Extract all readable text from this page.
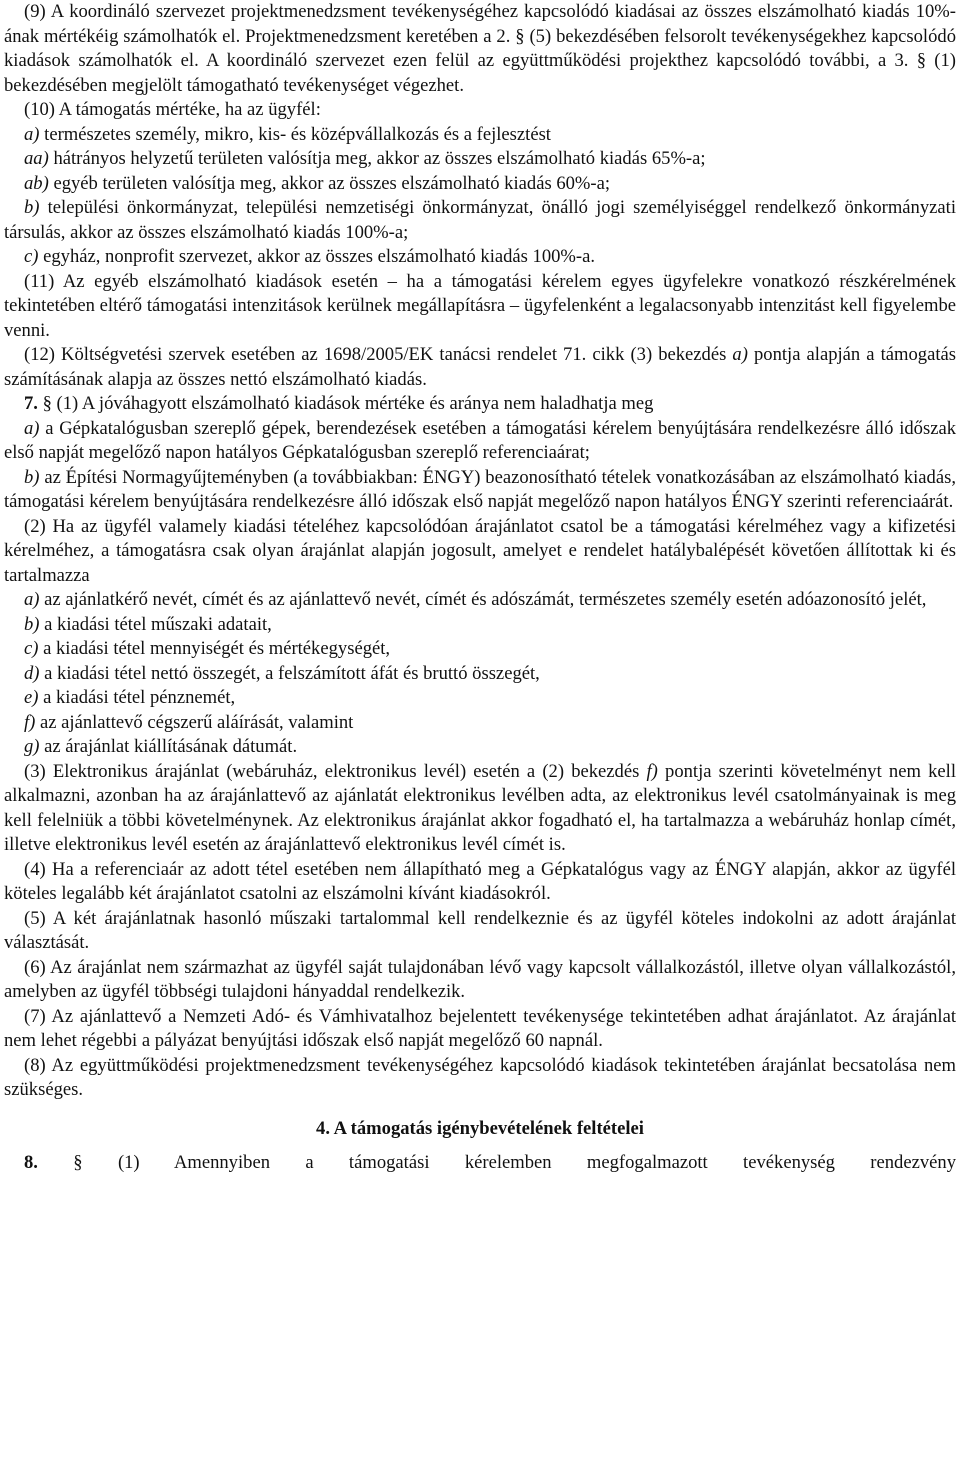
(9) A koordináló szervezet projektmenedzsment tevékenységéhez kapcsolódó kiadásai az összes elszámolható kiadás 10%-ának mértékéig számolhatók el. Projektmenedzsment keretében a 2. § (5) bekezdésében felsorolt tevékenységekhez kapcsolódó kiadások számolhatók el. A koordináló szervezet ezen felül az együttműködési projekthez kapcsolódó további, a 3. § (1) bekezdésében megjelölt támogatható tevékenységet végezhet.

(10) A támogatás mértéke, ha az ügyfél:

a) természetes személy, mikro, kis- és középvállalkozás és a fejlesztést

aa) hátrányos helyzetű területen valósítja meg, akkor az összes elszámolható kiadás 65%-a;

ab) egyéb területen valósítja meg, akkor az összes elszámolható kiadás 60%-a;

b) települési önkormányzat, települési nemzetiségi önkormányzat, önálló jogi személyiséggel rendelkező önkormányzati társulás, akkor az összes elszámolható kiadás 100%-a;

c) egyház, nonprofit szervezet, akkor az összes elszámolható kiadás 100%-a.

(11) Az egyéb elszámolható kiadások esetén – ha a támogatási kérelem egyes ügyfelekre vonatkozó részkérelmének tekintetében eltérő támogatási intenzitások kerülnek megállapításra – ügyfelenként a legalacsonyabb intenzitást kell figyelembe venni.

(12) Költségvetési szervek esetében az 1698/2005/EK tanácsi rendelet 71. cikk (3) bekezdés a) pontja alapján a támogatás számításának alapja az összes nettó elszámolható kiadás.

7. § (1) A jóváhagyott elszámolható kiadások mértéke és aránya nem haladhatja meg

a) a Gépkatalógusban szereplő gépek, berendezések esetében a támogatási kérelem benyújtására rendelkezésre álló időszak első napját megelőző napon hatályos Gépkatalógusban szereplő referenciaárat;

b) az Építési Normagyűjteményben (a továbbiakban: ÉNGY) beazonosítható tételek vonatkozásában az elszámolható kiadás, támogatási kérelem benyújtására rendelkezésre álló időszak első napját megelőző napon hatályos ÉNGY szerinti referenciaárát.

(2) Ha az ügyfél valamely kiadási tételéhez kapcsolódóan árajánlatot csatol be a támogatási kérelméhez vagy a kifizetési kérelméhez, a támogatásra csak olyan árajánlat alapján jogosult, amelyet e rendelet hatálybalépését követően állítottak ki és tartalmazza

a) az ajánlatkérő nevét, címét és az ajánlattevő nevét, címét és adószámát, természetes személy esetén adóazonosító jelét,

b) a kiadási tétel műszaki adatait,

c) a kiadási tétel mennyiségét és mértékegységét,

d) a kiadási tétel nettó összegét, a felszámított áfát és bruttó összegét,

e) a kiadási tétel pénznemét,

f) az ajánlattevő cégszerű aláírását, valamint

g) az árajánlat kiállításának dátumát.

(3) Elektronikus árajánlat (webáruház, elektronikus levél) esetén a (2) bekezdés f) pontja szerinti követelményt nem kell alkalmazni, azonban ha az árajánlattevő az ajánlatát elektronikus levélben adta, az elektronikus levél csatolmányainak is meg kell felelniük a többi követelménynek. Az elektronikus árajánlat akkor fogadható el, ha tartalmazza a webáruház honlap címét, illetve elektronikus levél esetén az árajánlattevő elektronikus levél címét is.

(4) Ha a referenciaár az adott tétel esetében nem állapítható meg a Gépkatalógus vagy az ÉNGY alapján, akkor az ügyfél köteles legalább két árajánlatot csatolni az elszámolni kívánt kiadásokról.

(5) A két árajánlatnak hasonló műszaki tartalommal kell rendelkeznie és az ügyfél köteles indokolni az adott árajánlat választását.

(6) Az árajánlat nem származhat az ügyfél saját tulajdonában lévő vagy kapcsolt vállalkozástól, illetve olyan vállalkozástól, amelyben az ügyfél többségi tulajdoni hányaddal rendelkezik.

(7) Az ajánlattevő a Nemzeti Adó- és Vámhivatalhoz bejelentett tevékenysége tekintetében adhat árajánlatot. Az árajánlat nem lehet régebbi a pályázat benyújtási időszak első napját megelőző 60 napnál.

(8) Az együttműködési projektmenedzsment tevékenységéhez kapcsolódó kiadások tekintetében árajánlat becsatolása nem szükséges.

4. A támogatás igénybevételének feltételei

8. § (1) Amennyiben a támogatási kérelemben megfogalmazott tevékenység rendezvény
